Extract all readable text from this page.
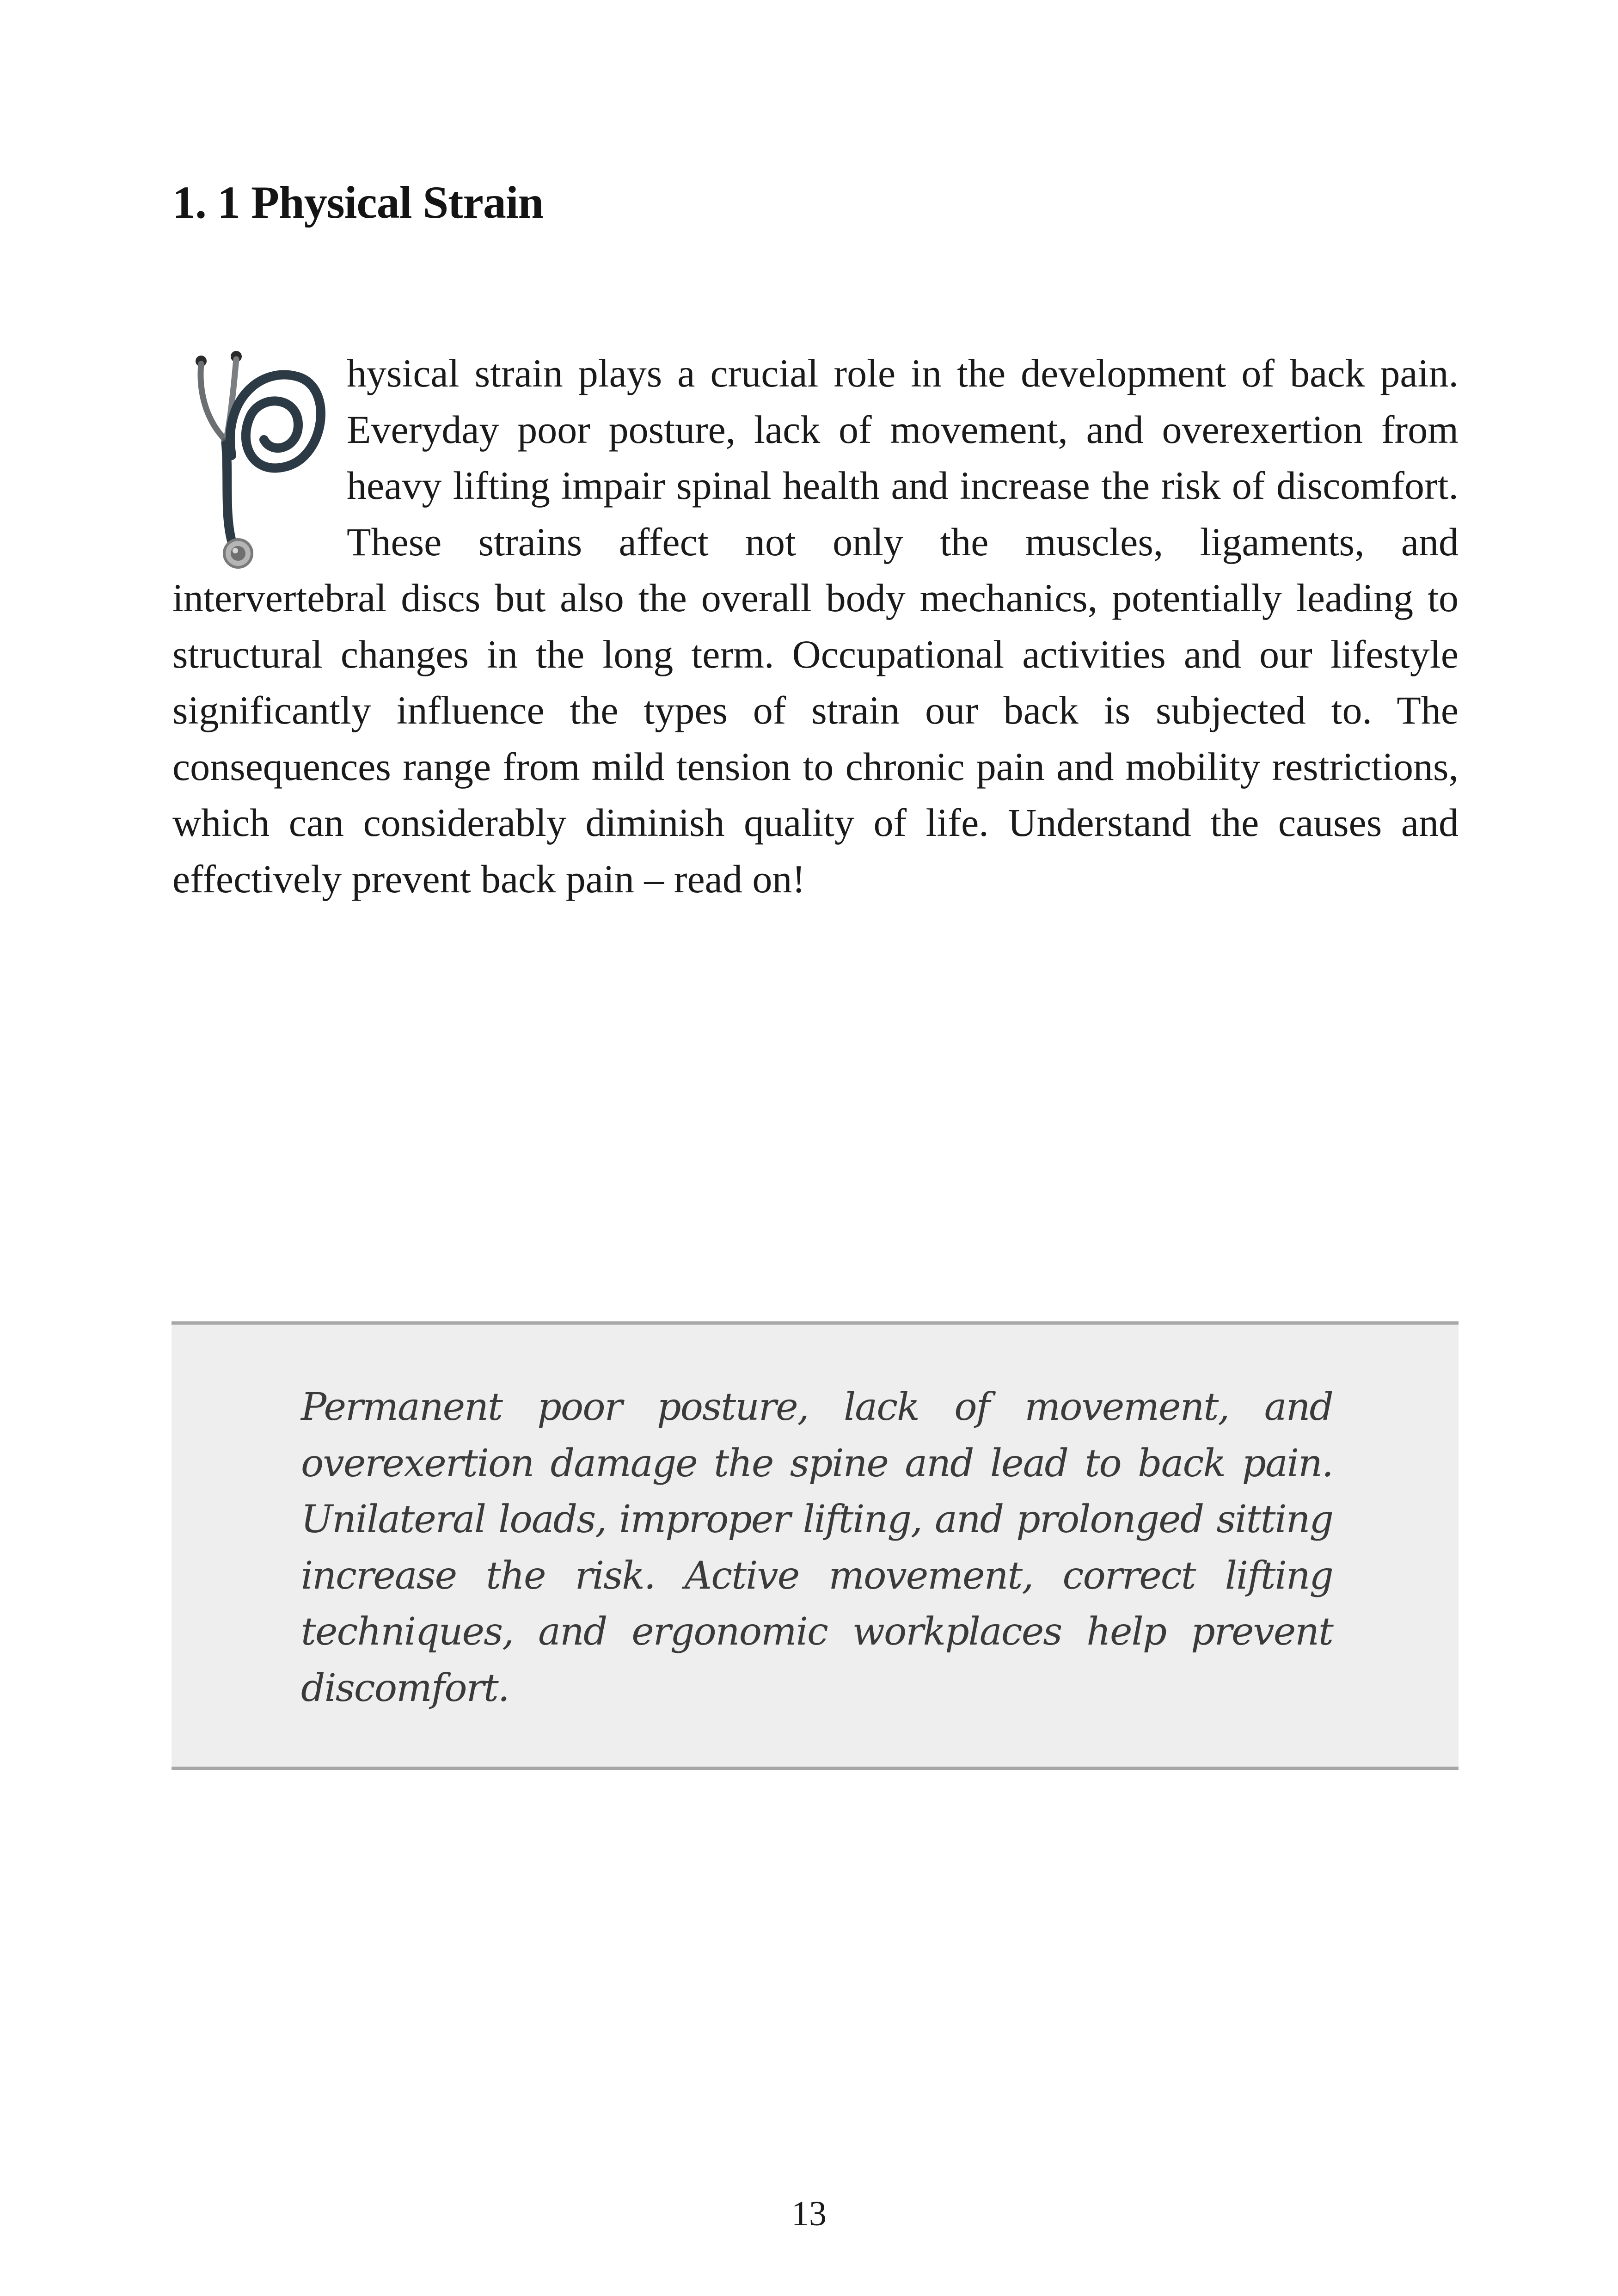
1. 1 Physical Strain
hysical strain plays a crucial role in the development of back pain. Everyday poor posture, lack of movement, and overexertion from heavy lifting impair spinal health and increase the risk of discomfort. These strains affect not only the muscles, ligaments, and intervertebral discs but also the overall body mechanics, potentially leading to structural changes in the long term. Occupational activities and our lifestyle significantly influence the types of strain our back is subjected to. The consequences range from mild tension to chronic pain and mobility restrictions, which can considerably diminish quality of life. Understand the causes and effectively prevent back pain – read on!

Permanent poor posture, lack of movement, and overexertion damage the spine and lead to back pain. Unilateral loads, improper lifting, and prolonged sitting increase the risk. Active movement, correct lifting techniques, and ergonomic workplaces help prevent discomfort.

13
